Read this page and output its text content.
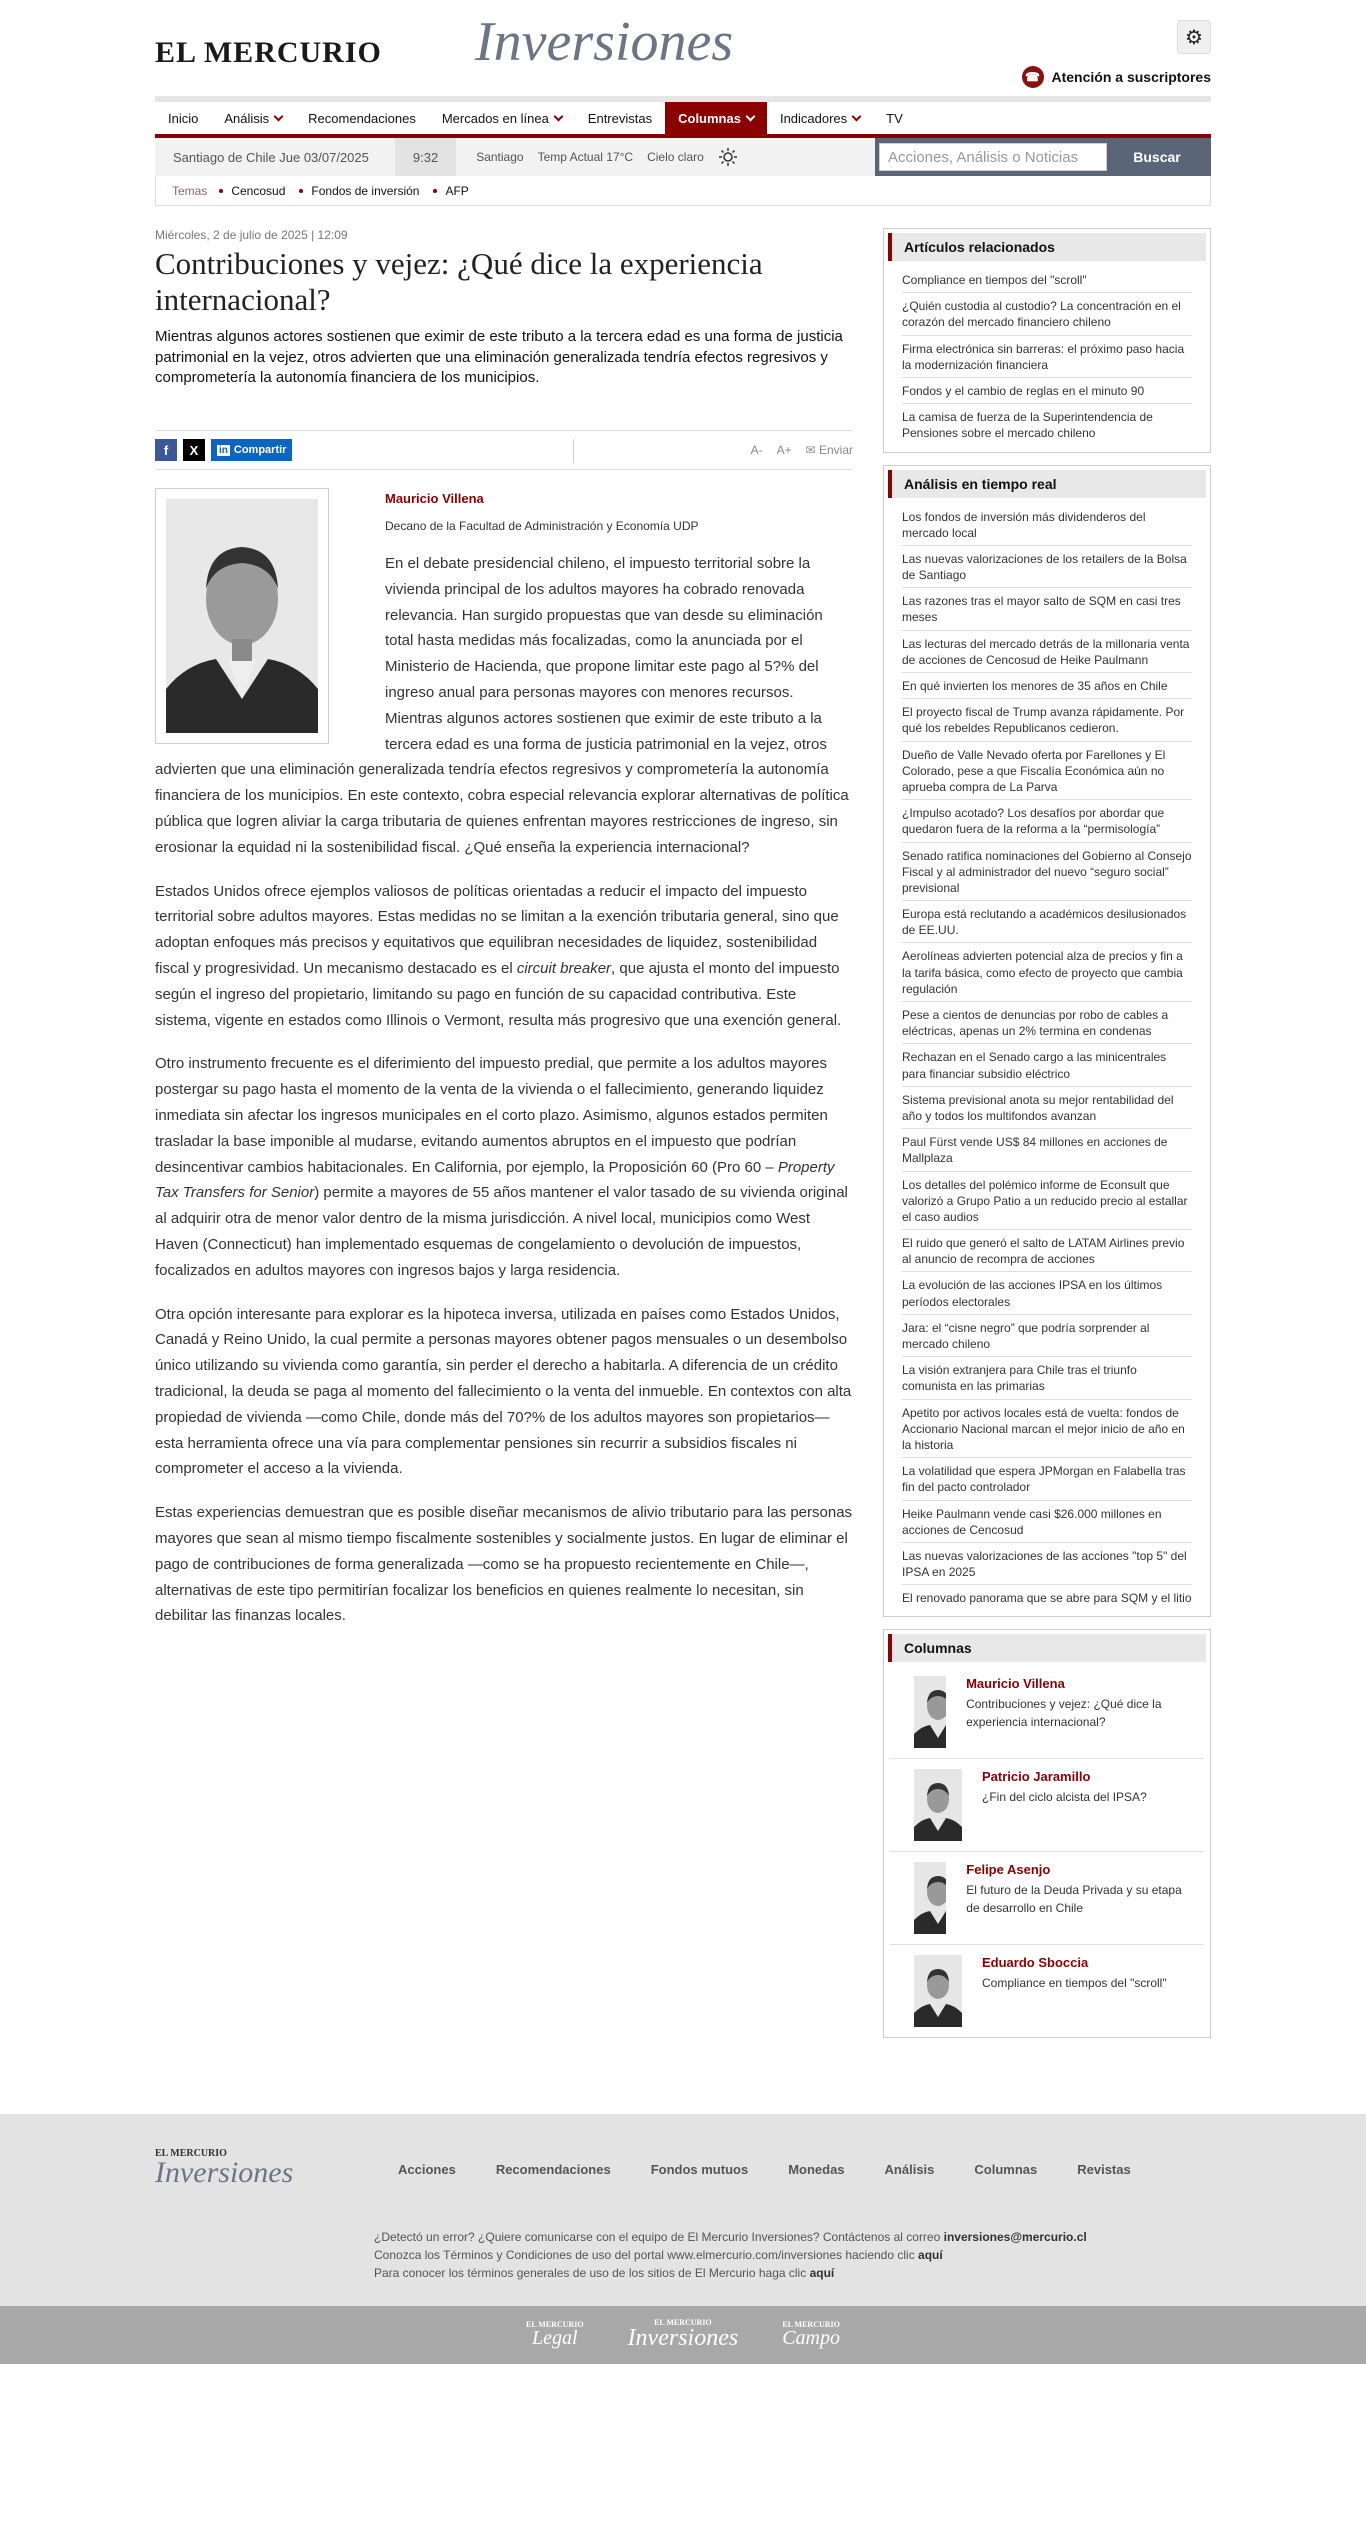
EL MERCURIO Inversiones	⚙
☎ Atención a suscriptores
Inicio Análisis	Recomendaciones Mercados en línea	Entrevistas Columnas	Indicadores	TV
Santiago de Chile Jue 03/07/2025	9:32	Santiago Temp Actual 17°C Cielo claro
Acciones, Análisis o Noticias	Buscar
Temas Cencosud Fondos de inversión AFP
Miércoles, 2 de julio de 2025 | 12:09
Contribuciones y vejez: ¿Qué dice la experiencia internacional?
Mientras algunos actores sostienen que eximir de este tributo a la tercera edad es una forma de justicia patrimonial en la vejez, otros advierten que una eliminación generalizada tendría efectos regresivos y comprometería la autonomía financiera de los municipios.
f	X	in Compartir	A- A+ ✉ Enviar
Mauricio Villena
Decano de la Facultad de Administración y Economía UDP

En el debate presidencial chileno, el impuesto territorial sobre la vivienda principal de los adultos mayores ha cobrado renovada relevancia. Han surgido propuestas que van desde su eliminación total hasta medidas más focalizadas, como la anunciada por el Ministerio de Hacienda, que propone limitar este pago al 5?% del ingreso anual para personas mayores con menores recursos. Mientras algunos actores sostienen que eximir de este tributo a la tercera edad es una forma de justicia patrimonial en la vejez, otros advierten que una eliminación generalizada tendría efectos regresivos y comprometería la autonomía financiera de los municipios. En este contexto, cobra especial relevancia explorar alternativas de política pública que logren aliviar la carga tributaria de quienes enfrentan mayores restricciones de ingreso, sin erosionar la equidad ni la sostenibilidad fiscal. ¿Qué enseña la experiencia internacional?

Estados Unidos ofrece ejemplos valiosos de políticas orientadas a reducir el impacto del impuesto territorial sobre adultos mayores. Estas medidas no se limitan a la exención tributaria general, sino que adoptan enfoques más precisos y equitativos que equilibran necesidades de liquidez, sostenibilidad fiscal y progresividad. Un mecanismo destacado es el circuit breaker, que ajusta el monto del impuesto según el ingreso del propietario, limitando su pago en función de su capacidad contributiva. Este sistema, vigente en estados como Illinois o Vermont, resulta más progresivo que una exención general.

Otro instrumento frecuente es el diferimiento del impuesto predial, que permite a los adultos mayores postergar su pago hasta el momento de la venta de la vivienda o el fallecimiento, generando liquidez inmediata sin afectar los ingresos municipales en el corto plazo. Asimismo, algunos estados permiten trasladar la base imponible al mudarse, evitando aumentos abruptos en el impuesto que podrían desincentivar cambios habitacionales. En California, por ejemplo, la Proposición 60 (Pro 60 – Property Tax Transfers for Senior) permite a mayores de 55 años mantener el valor tasado de su vivienda original al adquirir otra de menor valor dentro de la misma jurisdicción. A nivel local, municipios como West Haven (Connecticut) han implementado esquemas de congelamiento o devolución de impuestos, focalizados en adultos mayores con ingresos bajos y larga residencia.

Otra opción interesante para explorar es la hipoteca inversa, utilizada en países como Estados Unidos, Canadá y Reino Unido, la cual permite a personas mayores obtener pagos mensuales o un desembolso único utilizando su vivienda como garantía, sin perder el derecho a habitarla. A diferencia de un crédito tradicional, la deuda se paga al momento del fallecimiento o la venta del inmueble. En contextos con alta propiedad de vivienda —como Chile, donde más del 70?% de los adultos mayores son propietarios— esta herramienta ofrece una vía para complementar pensiones sin recurrir a subsidios fiscales ni comprometer el acceso a la vivienda.

Estas experiencias demuestran que es posible diseñar mecanismos de alivio tributario para las personas mayores que sean al mismo tiempo fiscalmente sostenibles y socialmente justos. En lugar de eliminar el pago de contribuciones de forma generalizada —como se ha propuesto recientemente en Chile—, alternativas de este tipo permitirían focalizar los beneficios en quienes realmente lo necesitan, sin debilitar las finanzas locales.

Artículos relacionados
Compliance en tiempos del "scroll"
¿Quién custodia al custodio? La concentración en el corazón del mercado financiero chileno
Firma electrónica sin barreras: el próximo paso hacia la modernización financiera
Fondos y el cambio de reglas en el minuto 90
La camisa de fuerza de la Superintendencia de Pensiones sobre el mercado chileno
Análisis en tiempo real
Los fondos de inversión más dividenderos del mercado local
Las nuevas valorizaciones de los retailers de la Bolsa de Santiago
Las razones tras el mayor salto de SQM en casi tres meses
Las lecturas del mercado detrás de la millonaria venta de acciones de Cencosud de Heike Paulmann
En qué invierten los menores de 35 años en Chile
El proyecto fiscal de Trump avanza rápidamente. Por qué los rebeldes Republicanos cedieron.
Dueño de Valle Nevado oferta por Farellones y El Colorado, pese a que Fiscalía Económica aún no aprueba compra de La Parva
¿Impulso acotado? Los desafíos por abordar que quedaron fuera de la reforma a la “permisología”
Senado ratifica nominaciones del Gobierno al Consejo Fiscal y al administrador del nuevo “seguro social” previsional
Europa está reclutando a académicos desilusionados de EE.UU.
Aerolíneas advierten potencial alza de precios y fin a la tarifa básica, como efecto de proyecto que cambia regulación
Pese a cientos de denuncias por robo de cables a eléctricas, apenas un 2% termina en condenas
Rechazan en el Senado cargo a las minicentrales para financiar subsidio eléctrico
Sistema previsional anota su mejor rentabilidad del año y todos los multifondos avanzan
Paul Fürst vende US$ 84 millones en acciones de Mallplaza
Los detalles del polémico informe de Econsult que valorizó a Grupo Patio a un reducido precio al estallar el caso audios
El ruido que generó el salto de LATAM Airlines previo al anuncio de recompra de acciones
La evolución de las acciones IPSA en los últimos períodos electorales
Jara: el “cisne negro” que podría sorprender al mercado chileno
La visión extranjera para Chile tras el triunfo comunista en las primarias
Apetito por activos locales está de vuelta: fondos de Accionario Nacional marcan el mejor inicio de año en la historia
La volatilidad que espera JPMorgan en Falabella tras fin del pacto controlador
Heike Paulmann vende casi $26.000 millones en acciones de Cencosud
Las nuevas valorizaciones de las acciones "top 5" del IPSA en 2025
El renovado panorama que se abre para SQM y el litio
Columnas
Mauricio Villena
Contribuciones y vejez: ¿Qué dice la experiencia internacional?
Patricio Jaramillo
¿Fin del ciclo alcista del IPSA?
Felipe Asenjo
El futuro de la Deuda Privada y su etapa de desarrollo en Chile
Eduardo Sboccia
Compliance en tiempos del "scroll"
EL MERCURIO
Inversiones	Acciones	Recomendaciones	Fondos mutuos	Monedas	Análisis	Columnas	Revistas
¿Detectó un error? ¿Quiere comunicarse con el equipo de El Mercurio Inversiones? Contáctenos al correo inversiones@mercurio.cl
Conozca los Términos y Condiciones de uso del portal www.elmercurio.com/inversiones haciendo clic aquí
Para conocer los términos generales de uso de los sitios de El Mercurio haga clic aquí
EL MERCURIO
Legal
EL MERCURIO
Inversiones
EL MERCURIO
Campo
